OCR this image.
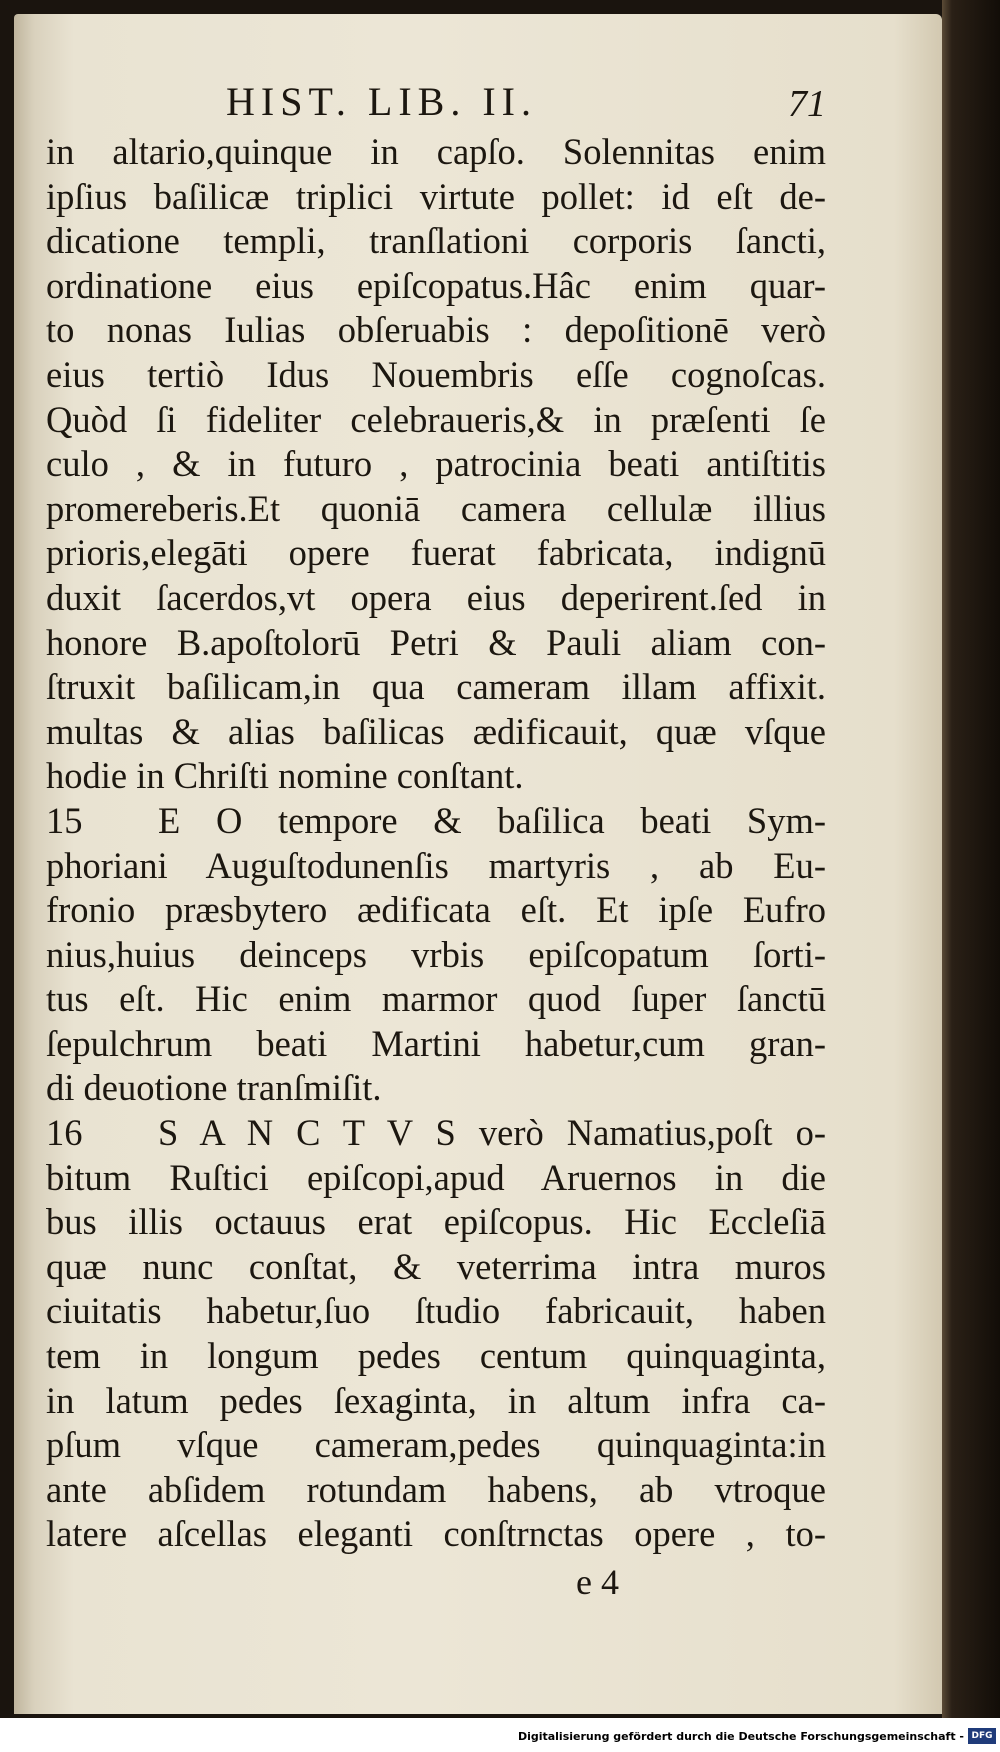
HIST. LIB. II.	71
in altario,quinque in capſo. Solennitas enim
ipſius baſilicæ triplici virtute pollet: id eſt de-
dicatione templi, tranſlationi corporis ſancti,
ordinatione eius epiſcopatus.Hâc enim quar-
to nonas Iulias obſeruabis : depoſitionē verò
eius tertiò Idus Nouembris eſſe cognoſcas.
Quòd ſi fideliter celebraueris,& in præſenti ſe
culo , & in futuro , patrocinia beati antiſtitis
promereberis.Et quoniā camera cellulæ illius
prioris,elegāti opere fuerat fabricata, indignū
duxit ſacerdos,vt opera eius deperirent.ſed in
honore B.apoſtolorū Petri & Pauli aliam con-
ſtruxit baſilicam,in qua cameram illam affixit.
multas & alias baſilicas ædificauit, quæ vſque
hodie in Chriſti nomine conſtant.
15 E O tempore & baſilica beati Sym-
phoriani Auguſtodunenſis martyris , ab Eu-
fronio præsbytero ædificata eſt. Et ipſe Eufro
nius,huius deinceps vrbis epiſcopatum ſorti-
tus eſt. Hic enim marmor quod ſuper ſanctū
ſepulchrum beati Martini habetur,cum gran-
di deuotione tranſmiſit.
16 S A N C T V S verò Namatius,poſt o-
bitum Ruſtici epiſcopi,apud Aruernos in die
bus illis octauus erat epiſcopus. Hic Eccleſiā
quæ nunc conſtat, & veterrima intra muros
ciuitatis habetur,ſuo ſtudio fabricauit, haben
tem in longum pedes centum quinquaginta,
in latum pedes ſexaginta, in altum infra ca-
pſum vſque cameram,pedes quinquaginta:in
ante abſidem rotundam habens, ab vtroque
latere aſcellas eleganti conſtrnctas opere , to-
e 4
Digitalisierung gefördert durch die Deutsche Forschungsgemeinschaft - DFG
